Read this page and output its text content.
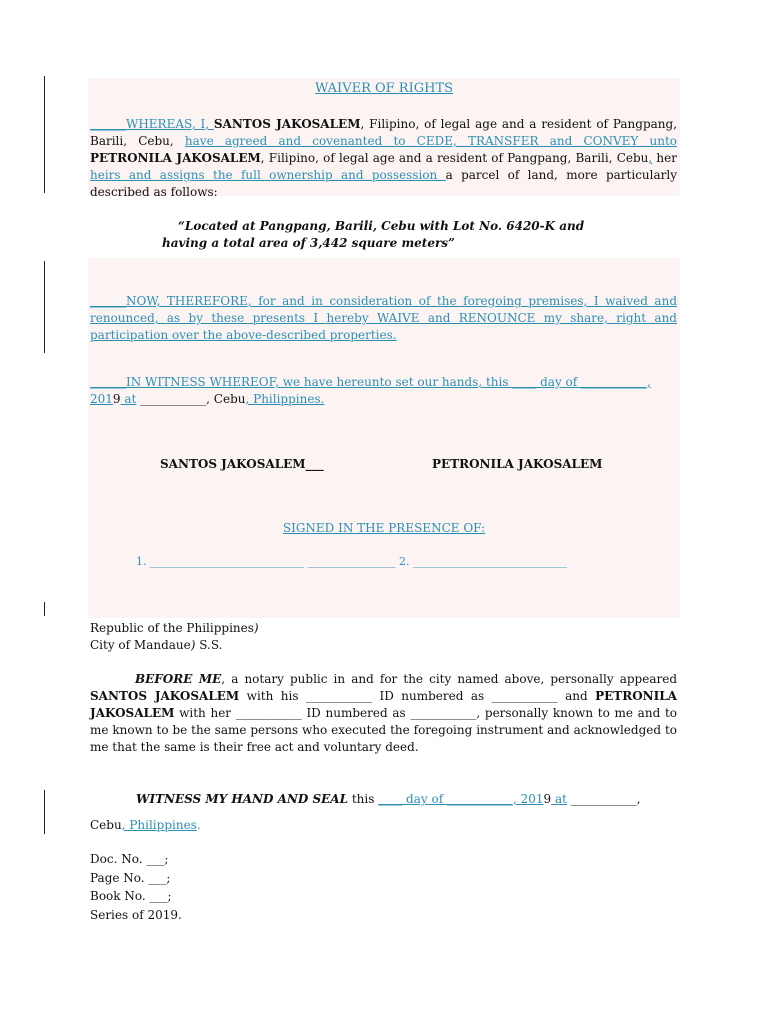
WAIVER OF RIGHTS
______WHEREAS, I, SANTOS JAKOSALEM, Filipino, of legal age and a resident of Pangpang, Barili, Cebu, have agreed and covenanted to CEDE, TRANSFER and CONVEY unto PETRONILA JAKOSALEM, Filipino, of legal age and a resident of Pangpang, Barili, Cebu, her heirs and assigns the full ownership and possession a parcel of land, more particularly described as follows:
“Located at Pangpang, Barili, Cebu with Lot No. 6420-K and
having a total area of 3,442 square meters”
______NOW, THEREFORE, for and in consideration of the foregoing premises, I waived and renounced, as by these presents I hereby WAIVE and RENOUNCE my share, right and participation over the above-described properties.
______IN WITNESS WHEREOF, we have hereunto set our hands, this ____ day of ___________,
2019 at ___________, Cebu, Philippines.
SANTOS JAKOSALEM___	PETRONILA JAKOSALEM
SIGNED IN THE PRESENCE OF:
1. ____________________________ ________________ 2. ____________________________
Republic of the Philippines)
City of Mandaue) S.S.
BEFORE ME, a notary public in and for the city named above, personally appeared SANTOS JAKOSALEM with his ___________ ID numbered as ___________ and PETRONILA JAKOSALEM with her ___________ ID numbered as ___________, personally known to me and to me known to be the same persons who executed the foregoing instrument and acknowledged to me that the same is their free act and voluntary deed.
WITNESS MY HAND AND SEAL this ____ day of ___________, 2019 at ___________,
Cebu, Philippines.
Doc. No. ___;
Page No. ___;
Book No. ___;
Series of 2019.
